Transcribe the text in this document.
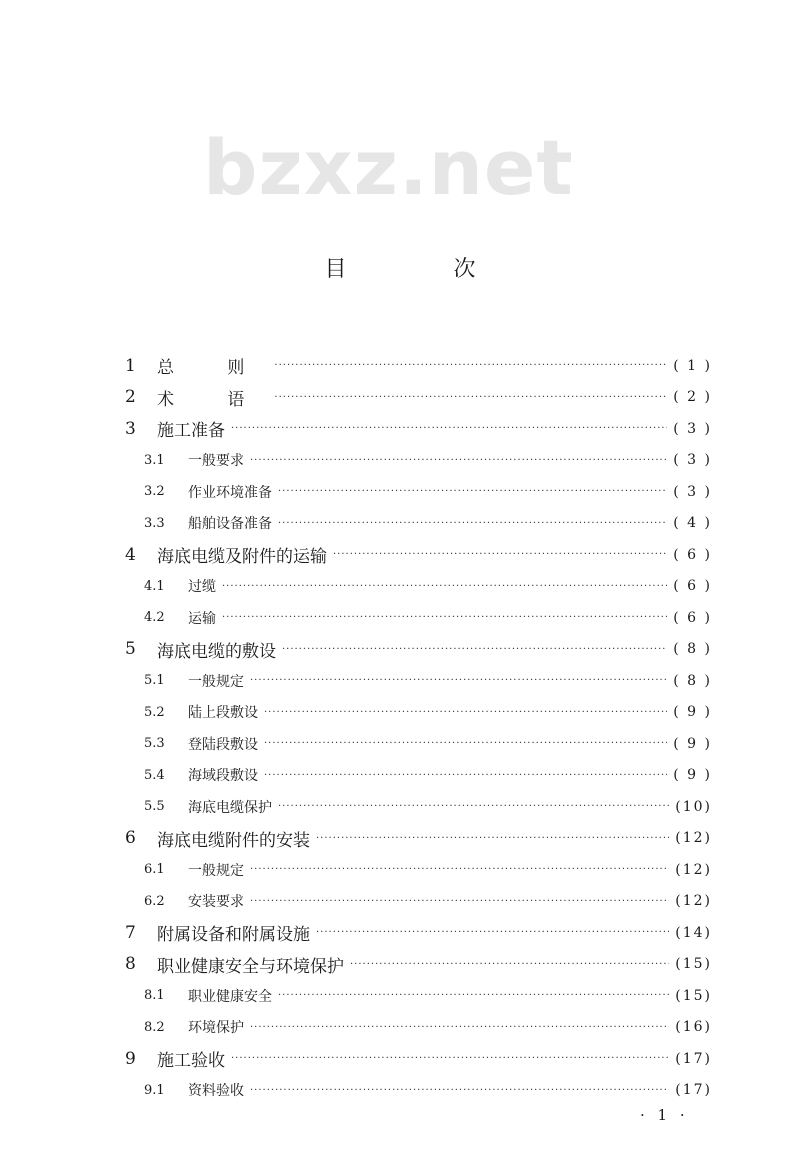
bzxz.net
目 次
1	总 则 ·····	( 1 )
2	术 语 ·····	( 2 )
3	施工准备 ·····	( 3 )
3.1	一般要求 ·····	( 3 )
3.2	作业环境准备 ·····	( 3 )
3.3	船舶设备准备 ·····	( 4 )
4	海底电缆及附件的运输 ·····	( 6 )
4.1	过缆 ·····	( 6 )
4.2	运输 ·····	( 6 )
5	海底电缆的敷设 ·····	( 8 )
5.1	一般规定 ·····	( 8 )
5.2	陆上段敷设 ·····	( 9 )
5.3	登陆段敷设 ·····	( 9 )
5.4	海域段敷设 ·····	( 9 )
5.5	海底电缆保护 ·····	(10)
6	海底电缆附件的安装 ·····	(12)
6.1	一般规定 ·····	(12)
6.2	安装要求 ·····	(12)
7	附属设备和附属设施 ·····	(14)
8	职业健康安全与环境保护 ·····	(15)
8.1	职业健康安全 ·····	(15)
8.2	环境保护 ·····	(16)
9	施工验收 ·····	(17)
9.1	资料验收 ·····	(17)
· 1 ·
